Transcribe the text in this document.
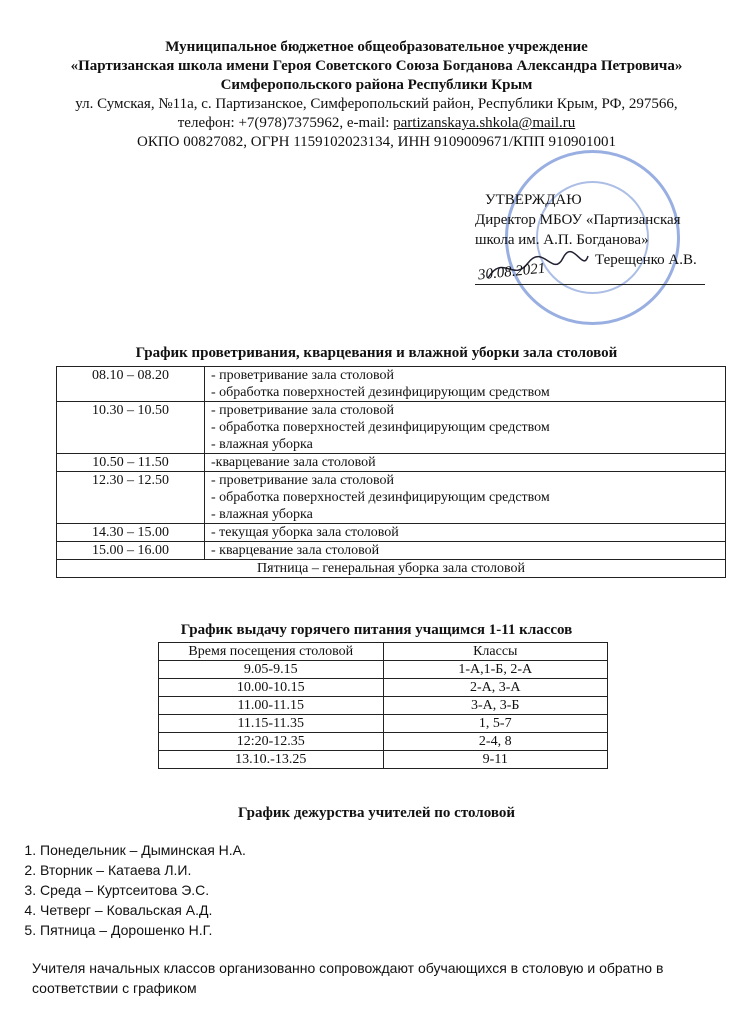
Муниципальное бюджетное общеобразовательное учреждение
«Партизанская школа имени Героя Советского Союза Богданова Александра Петровича»
Симферопольского района Республики Крым
ул. Сумская, №11а, с. Партизанское, Симферопольский район, Республики Крым, РФ, 297566,
телефон: +7(978)7375962, e-mail: partizanskaya.shkola@mail.ru
ОКПО 00827082, ОГРН 1159102023134, ИНН 9109009671/КПП 910901001
УТВЕРЖДАЮ
Директор МБОУ «Партизанская
школа им. А.П. Богданова»
Терещенко А.В.
30.08.2021
График проветривания, кварцевания и влажной уборки зала столовой
08.10 – 08.20	- проветривание зала столовой
- обработка поверхностей дезинфицирующим средством

10.30 – 10.50	- проветривание зала столовой
- обработка поверхностей дезинфицирующим средством
- влажная уборка

10.50 – 11.50	-кварцевание зала столовой

12.30 – 12.50	- проветривание зала столовой
- обработка поверхностей дезинфицирующим средством
- влажная уборка

14.30 – 15.00	- текущая уборка зала столовой

15.00 – 16.00	- кварцевание зала столовой

Пятница – генеральная уборка зала столовой	
График выдачу горячего питания учащимся 1-11 классов
Время посещения столовой	Классы
9.05-9.15	1-А,1-Б, 2-А
10.00-10.15	2-А, 3-А
11.00-11.15	3-А, 3-Б
11.15-11.35	1, 5-7
12:20-12.35	2-4, 8
13.10.-13.25	9-11
График дежурства учителей по столовой
1. Понедельник – Дыминская Н.А.
2. Вторник – Катаева Л.И.
3. Среда – Куртсеитова Э.С.
4. Четверг – Ковальская А.Д.
5. Пятница – Дорошенко Н.Г.
Учителя начальных классов организованно сопровождают обучающихся в столовую и обратно в соответствии с графиком
